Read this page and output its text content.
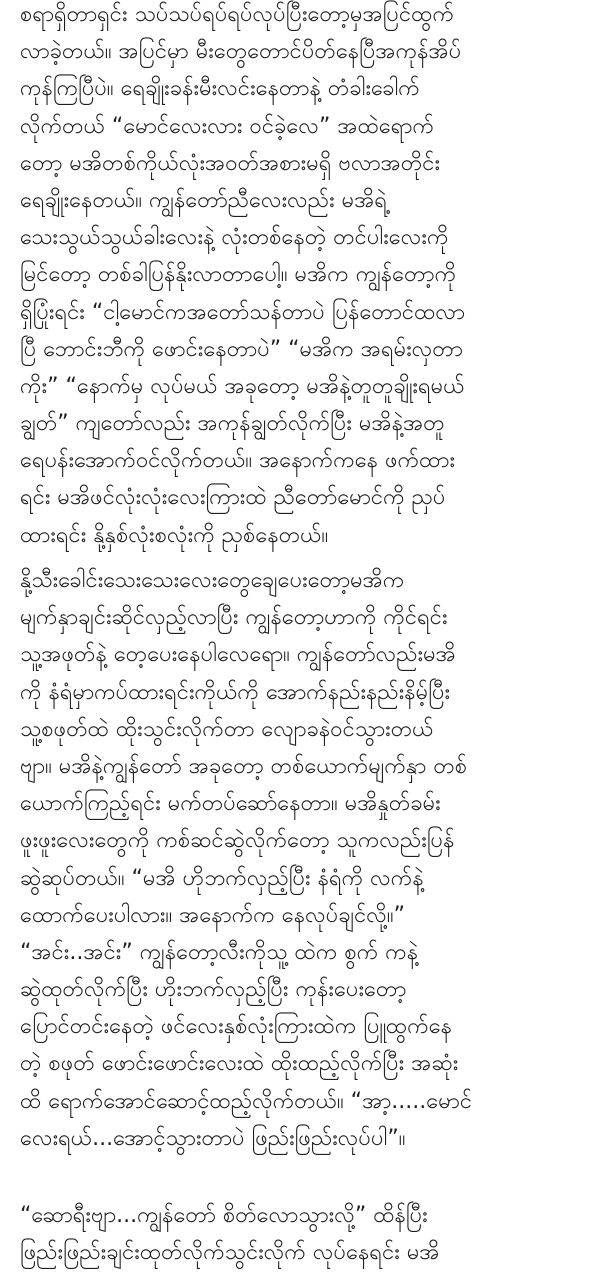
စရာရှိတာရှင်း သပ်သပ်ရပ်ရပ်လုပ်ပြီးတော့မှအပြင်ထွက်
လာခဲ့တယ်။ အပြင်မှာ မီးတွေတောင်ပိတ်နေပြီအကုန်အိပ်
ကုန်ကြပြီပဲ။ ရေချိုးခန်းမီးလင်းနေတာနဲ့ တံခါးခေါက်
လိုက်တယ် “မောင်လေးလား ဝင်ခဲ့လေ” အထဲရောက်
တော့ မအိတစ်ကိုယ်လုံးအဝတ်အစားမရှိ ဗလာအတိုင်း
ရေချိုးနေတယ်။ ကျွန်တော်ညီလေးလည်း မအိရဲ့
သေးသွယ်သွယ်ခါးလေးနဲ့ လုံးတစ်နေတဲ့ တင်ပါးလေးကို
မြင်တော့ တစ်ခါပြန်နိုးလာတာပေါ့။ မအိက ကျွန်တော့ကို
ရှိပြုံးရင်း “ငါ့မောင်ကအတော်သန်တာပဲ ပြန်တောင်ထလာ
ပြီ ဘောင်းဘီကို ဖောင်းနေတာပဲ” “မအိက အရမ်းလှတာ
ကိုး” “နောက်မှ လုပ်မယ် အခုတော့ မအိနဲ့တူတူချိုးရမယ်
ချွတ်” ကျတော်လည်း အကုန်ချွတ်လိုက်ပြီး မအိနဲ့အတူ
ရေပန်းအောက်ဝင်လိုက်တယ်။ အနောက်ကနေ ဖက်ထား
ရင်း မအိဖင်လုံးလုံးလေးကြားထဲ ညီတော်မောင်ကို ညှပ်
ထားရင်း နို့နှစ်လုံးစလုံးကို ညှစ်နေတယ်။

နို့သီးခေါင်းသေးသေးလေးတွေချေပေးတော့မအိက
မျက်နှာချင်းဆိုင်လှည့်လာပြီး ကျွန်တော့ဟာကို ကိုင်ရင်း
သူ့အဖုတ်နဲ့ တေ့ပေးနေပါလေရော။ ကျွန်တော်လည်းမအိ
ကို နံရံမှာကပ်ထားရင်းကိုယ်ကို အောက်နည်းနည်းနိမ့်ပြီး
သူ့စဖုတ်ထဲ ထိုးသွင်းလိုက်တာ လျောခနဲဝင်သွားတယ်
ဗျာ။ မအိနဲ့ကျွန်တော် အခုတော့ တစ်ယောက်မျက်နှာ တစ်
ယောက်ကြည့်ရင်း မက်တပ်ဆော်နေတာ။ မအိနှုတ်ခမ်း
ဖူးဖူးလေးတွေကို ကစ်ဆင်ဆွဲလိုက်တော့ သူကလည်းပြန်
ဆွဲဆုပ်တယ်။ “မအိ ဟိုဘက်လှည့်ပြီး နံရံကို လက်နဲ့
ထောက်ပေးပါလား။ အနောက်က နေလုပ်ချင်လို့။”
“အင်း..အင်း” ကျွန်တော့လီးကိုသူ့ ထဲက စွက် ကနဲ့
ဆွဲထုတ်လိုက်ပြီး ဟိုးဘက်လှည့်ပြီး ကုန်းပေးတော့
ပြောင်တင်းနေတဲ့ ဖင်လေးနှစ်လုံးကြားထဲက ပြူထွက်နေ
တဲ့ စဖုတ် ဖောင်းဖောင်းလေးထဲ ထိုးထည့်လိုက်ပြီး အဆုံး
ထိ ရောက်အောင်ဆောင့်ထည့်လိုက်တယ်။ “အာ့.....မောင်
လေးရယ်...အောင့်သွားတာပဲ ဖြည်းဖြည်းလုပ်ပါ”။

“ဆောရီးဗျာ...ကျွန်တော် စိတ်လောသွားလို့” ထိန်ပြီး
ဖြည်းဖြည်းချင်းထုတ်လိုက်သွင်းလိုက် လုပ်နေရင်း မအိ
